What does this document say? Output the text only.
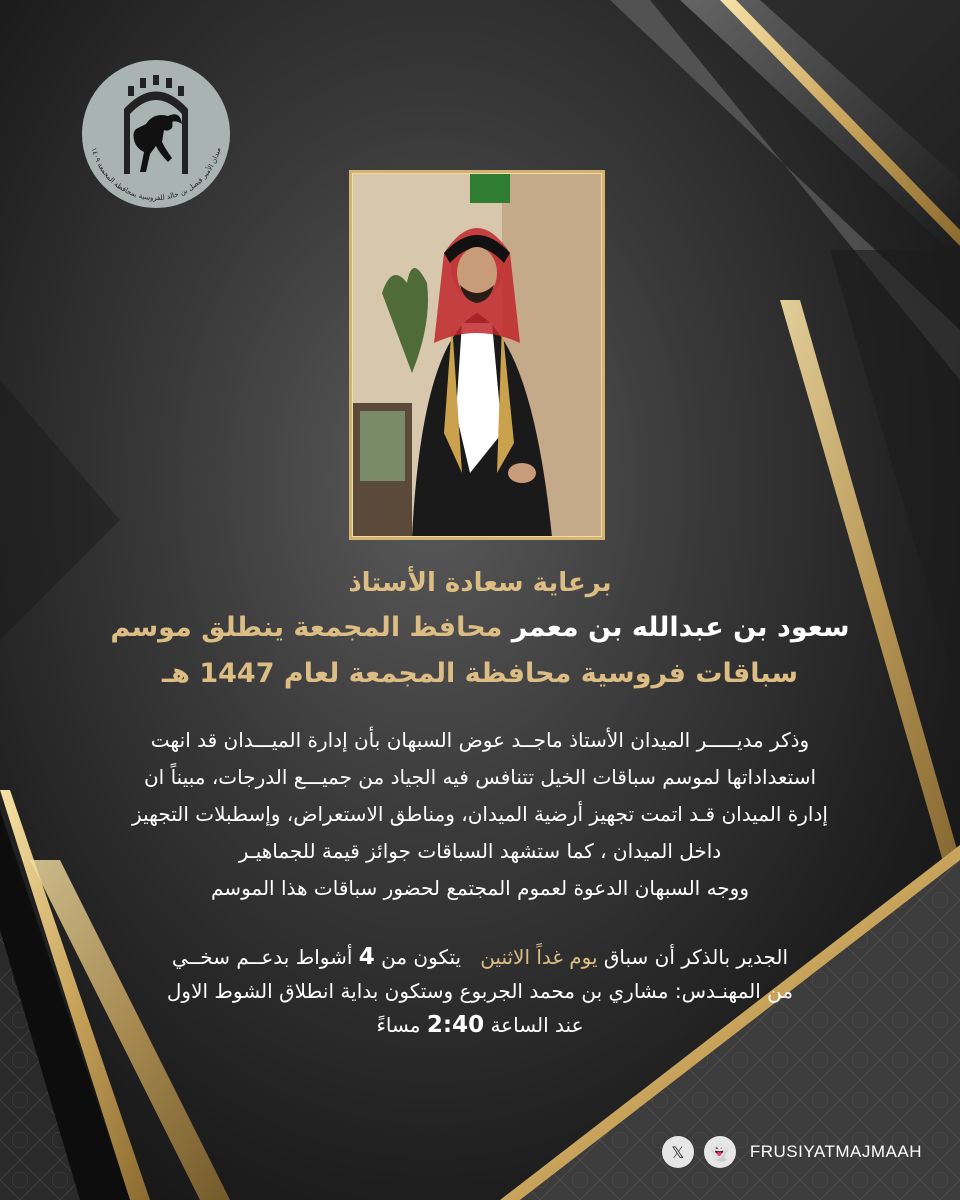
ميدان الأمير فيصل بن خالد للفروسية بمحافظة المجمعة ١٤٠٩
برعاية سعادة الأستاذ
سعود بن عبدالله بن معمر محافظ المجمعة ينطلق موسم
سباقات فروسية محافظة المجمعة لعام 1447 هـ

وذكر مديـــــر الميدان الأستاذ ماجــد عوض السبهان بأن إدارة الميـــدان قد انهت

استعداداتها لموسم سباقات الخيل تتنافس فيه الجياد من جميـــع الدرجات، مبيناً ان

إدارة الميدان قـد اتمت تجهيز أرضية الميدان، ومناطق الاستعراض، وإسطبلات التجهيز

داخل الميدان ، كما ستشهد السباقات جوائز قيمة للجماهيـر

ووجه السبهان الدعوة لعموم المجتمع لحضور سباقات هذا الموسم

الجدير بالذكر أن سباق يوم غداً الاثنين   يتكون من 4 أشواط بدعــم سخــي

من المهنـدس: مشاري بن محمد الجربوع وستكون بداية انطلاق الشوط الاول

عند الساعة 2:40 مساءً

𝕏 👻 FRUSIYATMAJMAAH
